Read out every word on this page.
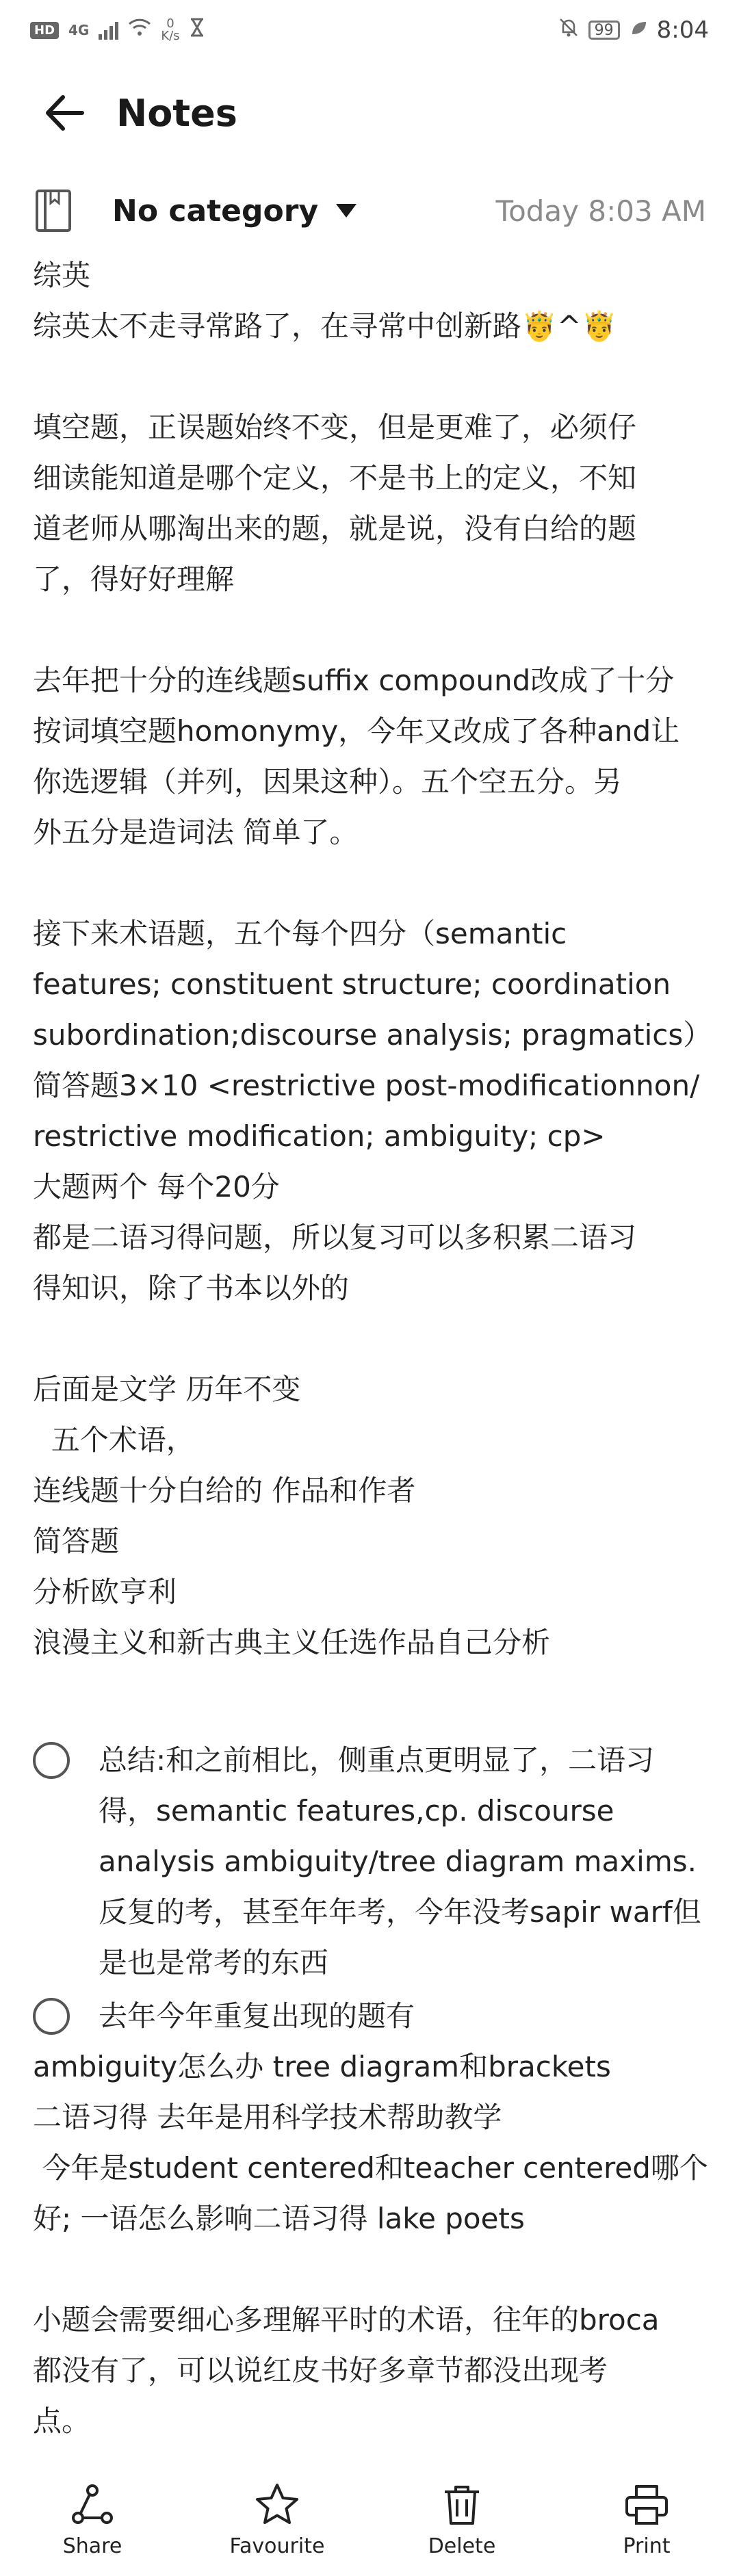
HD	4G	0
K/s	99 8:04
Notes
No category	Today 8:03 AM

综英

综英太不走寻常路了，在寻常中创新路🤴^🤴

填空题，正误题始终不变，但是更难了，必须仔

细读能知道是哪个定义，不是书上的定义，不知

道老师从哪淘出来的题，就是说，没有白给的题

了，得好好理解

去年把十分的连线题suffix compound改成了十分

按词填空题homonymy，今年又改成了各种and让

你选逻辑（并列，因果这种）。五个空五分。另

外五分是造词法 简单了。

接下来术语题，五个每个四分（semantic

features; constituent structure; coordination

subordination;discourse analysis; pragmatics）

简答题3×10 <restrictive post-modificationnon/

restrictive modification; ambiguity; cp>

大题两个 每个20分

都是二语习得问题，所以复习可以多积累二语习

得知识，除了书本以外的

后面是文学 历年不变

五个术语，

连线题十分白给的 作品和作者

简答题

分析欧亨利

浪漫主义和新古典主义任选作品自己分析

总结:和之前相比，侧重点更明显了，二语习得，semantic features,cp. discourse analysis ambiguity/tree diagram maxims.反复的考，甚至年年考，今年没考sapir warf但是也是常考的东西
去年今年重复出现的题有

ambiguity怎么办 tree diagram和brackets

二语习得 去年是用科学技术帮助教学

今年是student centered和teacher centered哪个

好; 一语怎么影响二语习得 lake poets

小题会需要细心多理解平时的术语，往年的broca

都没有了，可以说红皮书好多章节都没出现考

点。

Share	Favourite	Delete	Print
